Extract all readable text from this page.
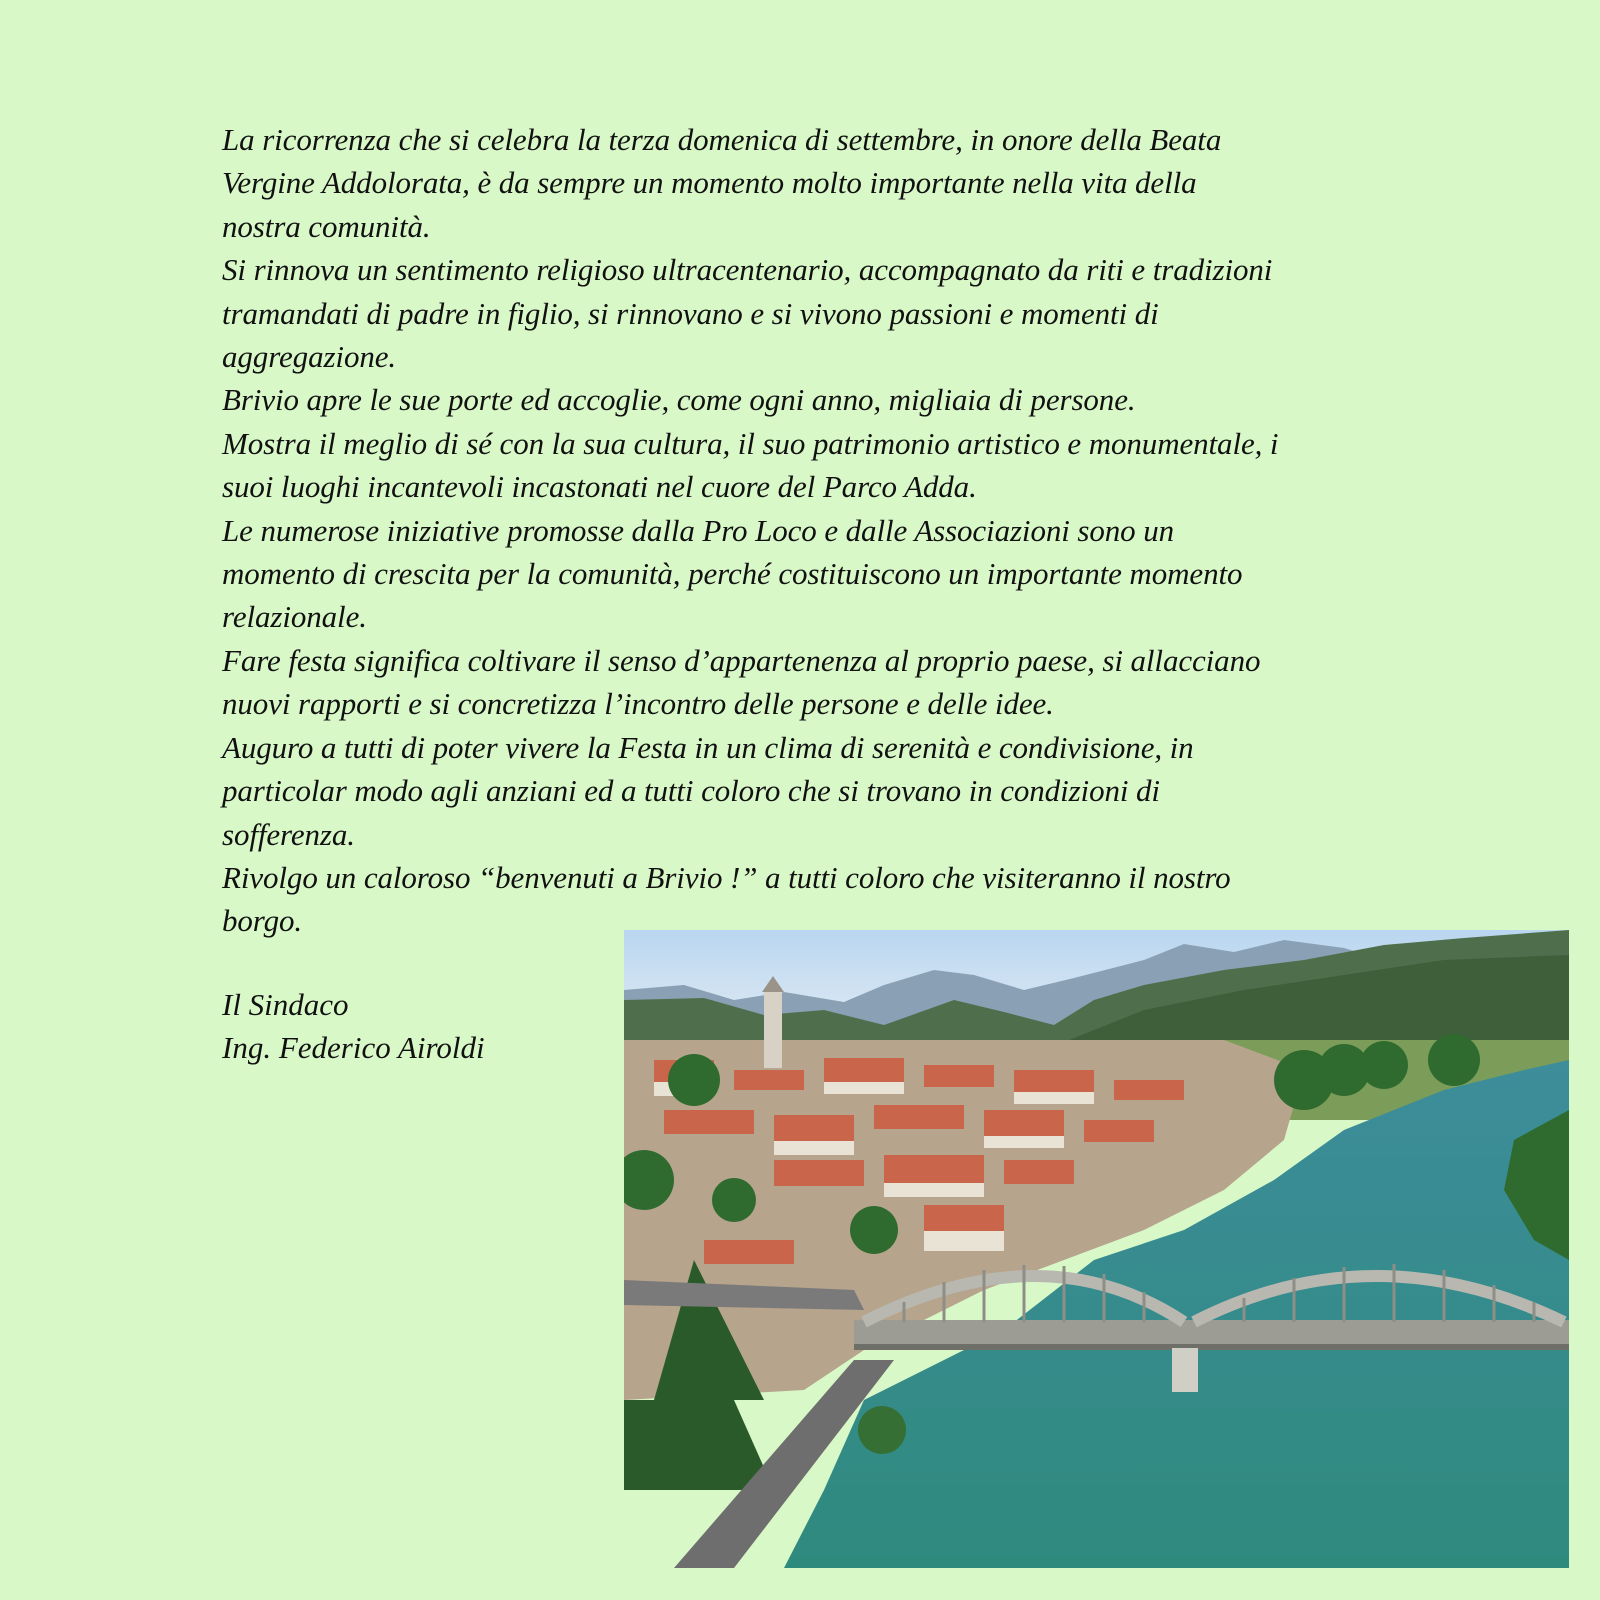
La ricorrenza che si celebra la terza domenica di settembre, in onore della Beata
Vergine Addolorata, è da sempre un momento molto importante nella vita della
nostra comunità.

Si rinnova un sentimento religioso ultracentenario, accompagnato da riti e tradizioni
tramandati di padre in figlio, si rinnovano e si vivono passioni e momenti di
aggregazione.

Brivio apre le sue porte ed accoglie, come ogni anno, migliaia di persone.

Mostra il meglio di sé con la sua cultura, il suo patrimonio artistico e monumentale, i
suoi luoghi incantevoli incastonati nel cuore del Parco Adda.

Le numerose iniziative promosse dalla Pro Loco e dalle Associazioni sono un
momento di crescita per la comunità, perché costituiscono un importante momento
relazionale.

Fare festa significa coltivare il senso d’appartenenza al proprio paese, si allacciano
nuovi rapporti e si concretizza l’incontro delle persone e delle idee.

Auguro a tutti di poter vivere la Festa in un clima di serenità e condivisione, in
particolar modo agli anziani ed a tutti coloro che si trovano in condizioni di
sofferenza.

Rivolgo un caloroso “benvenuti a Brivio !” a tutti coloro che visiteranno il nostro
borgo.

Il Sindaco
Ing. Federico Airoldi
